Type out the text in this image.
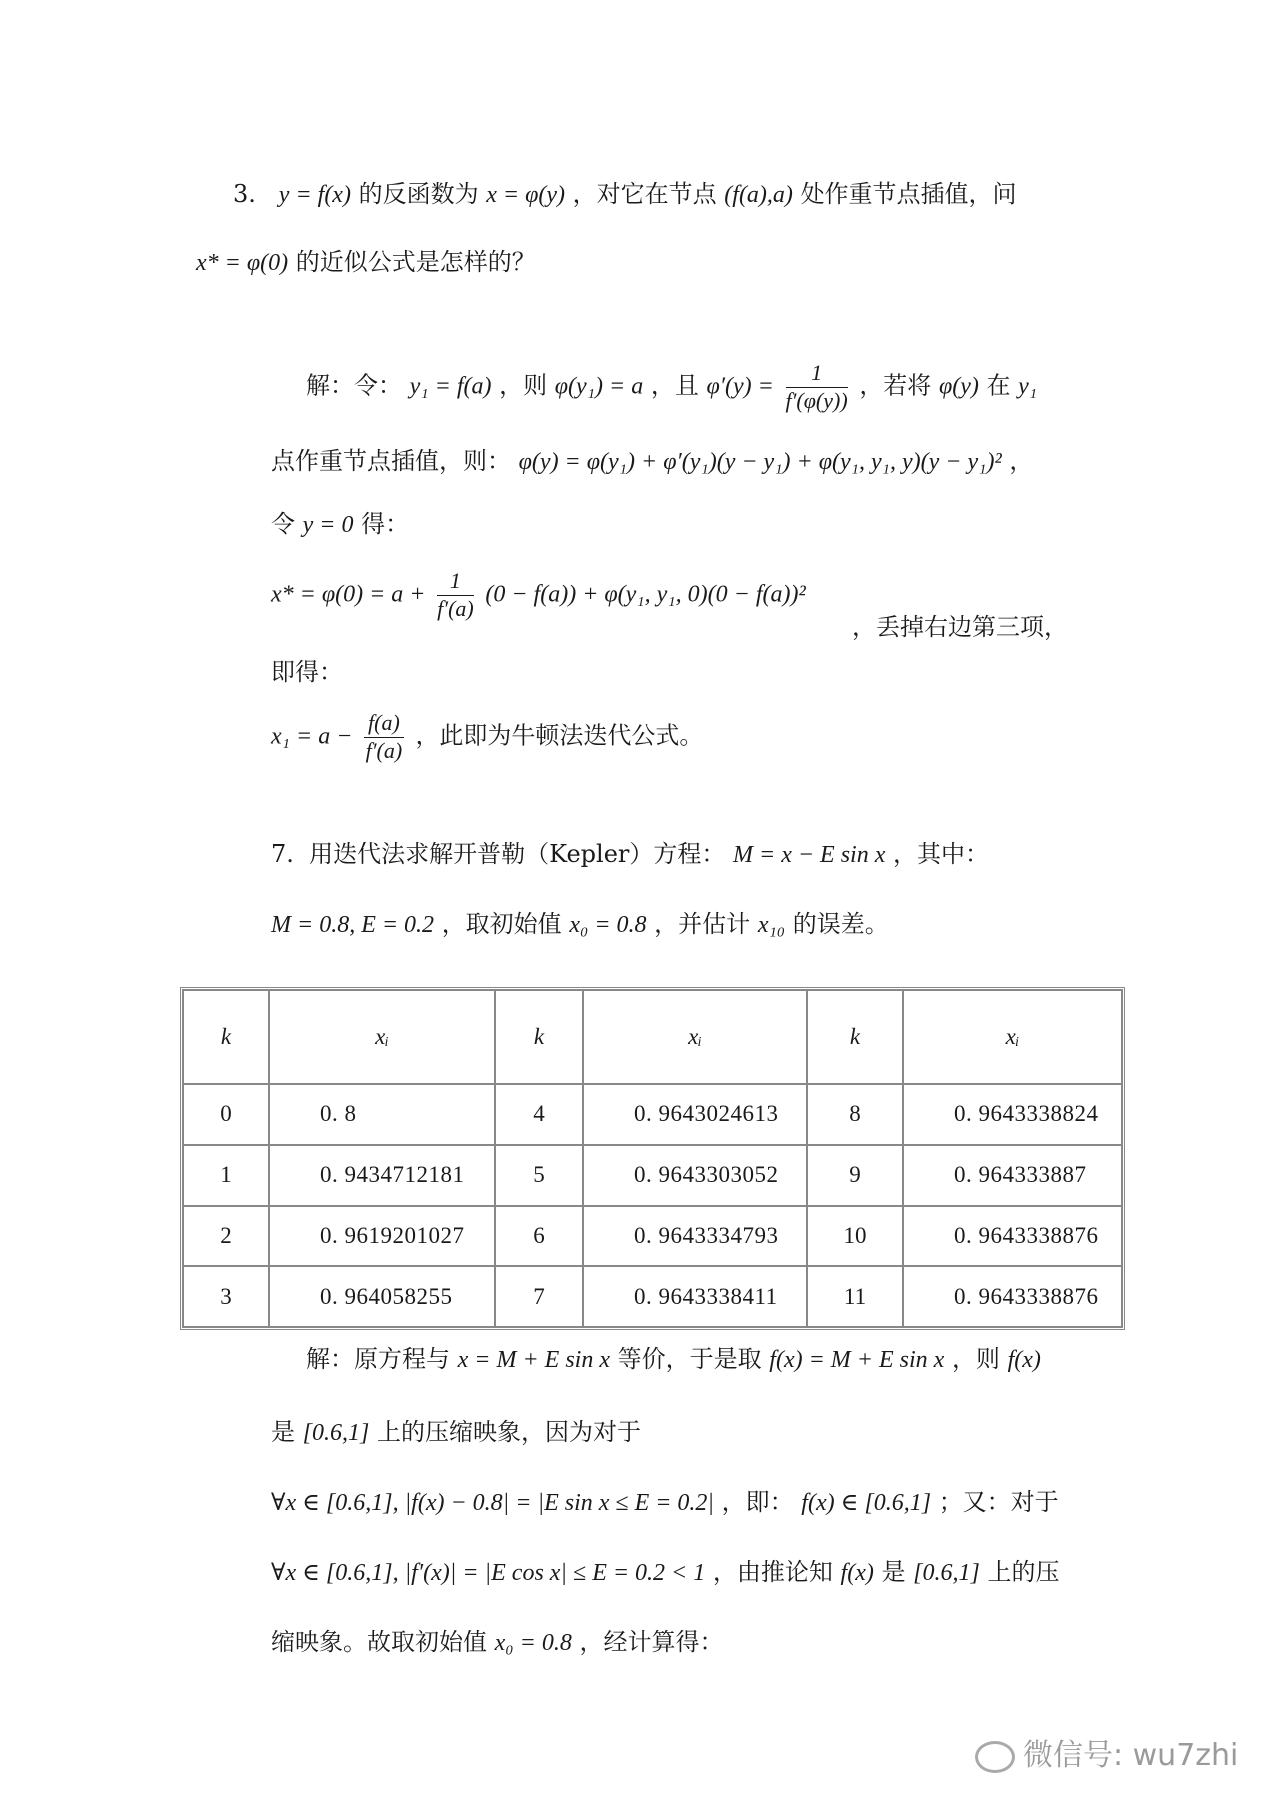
3. y = f(x) 的反函数为 x = φ(y) ，对它在节点 (f(a),a) 处作重节点插值，问
x* = φ(0) 的近似公式是怎样的？
解：令： y₁ = f(a) ，则 φ(y₁) = a ，且 $\varphi'(y) = \frac{1}{f'(\varphi(y))}$ ，若将 φ(y) 在 y₁
点作重节点插值，则： φ(y) = φ(y₁) + φ′(y₁)(y − y₁) + φ(y₁, y₁, y)(y − y₁)² ，
令 y = 0 得：
$x* = \varphi(0) = a + \frac{1}{f'(a)} (0 - f(a)) + \varphi(y_1$, y₁, 0)(0 − f(a))²
，丢掉右边第三项，
即得：
$x_1 = a - \frac{f(a)}{f'(a)}$ ，此即为牛顿法迭代公式。
7. 用迭代法求解开普勒（Kepler）方程： M = x − E sin x ，其中：
M = 0.8, E = 0.2 ，取初始值 x₀ = 0.8 ，并估计 x₁₀ 的误差。
k	xᵢ	k	xᵢ	k	xᵢ
0	0. 8	4	0. 9643024613	8	0. 9643338824
1	0. 9434712181	5	0. 9643303052	9	0. 964333887
2	0. 9619201027	6	0. 9643334793	10	0. 9643338876
3	0. 964058255	7	0. 9643338411	11	0. 9643338876
解：原方程与 x = M + E sin x 等价，于是取 f(x) = M + E sin x ，则 f(x)
是 [0.6,1] 上的压缩映象，因为对于
∀x ∈ [0.6,1], |f(x) − 0.8| = |E sin x ≤ E = 0.2| ，即： f(x) ∈ [0.6,1] ；又：对于
∀x ∈ [0.6,1], |f′(x)| = |E cos x| ≤ E = 0.2 < 1 ，由推论知 f(x) 是 [0.6,1] 上的压
缩映象。故取初始值 x₀ = 0.8 ，经计算得：
微信号: wu7zhi
